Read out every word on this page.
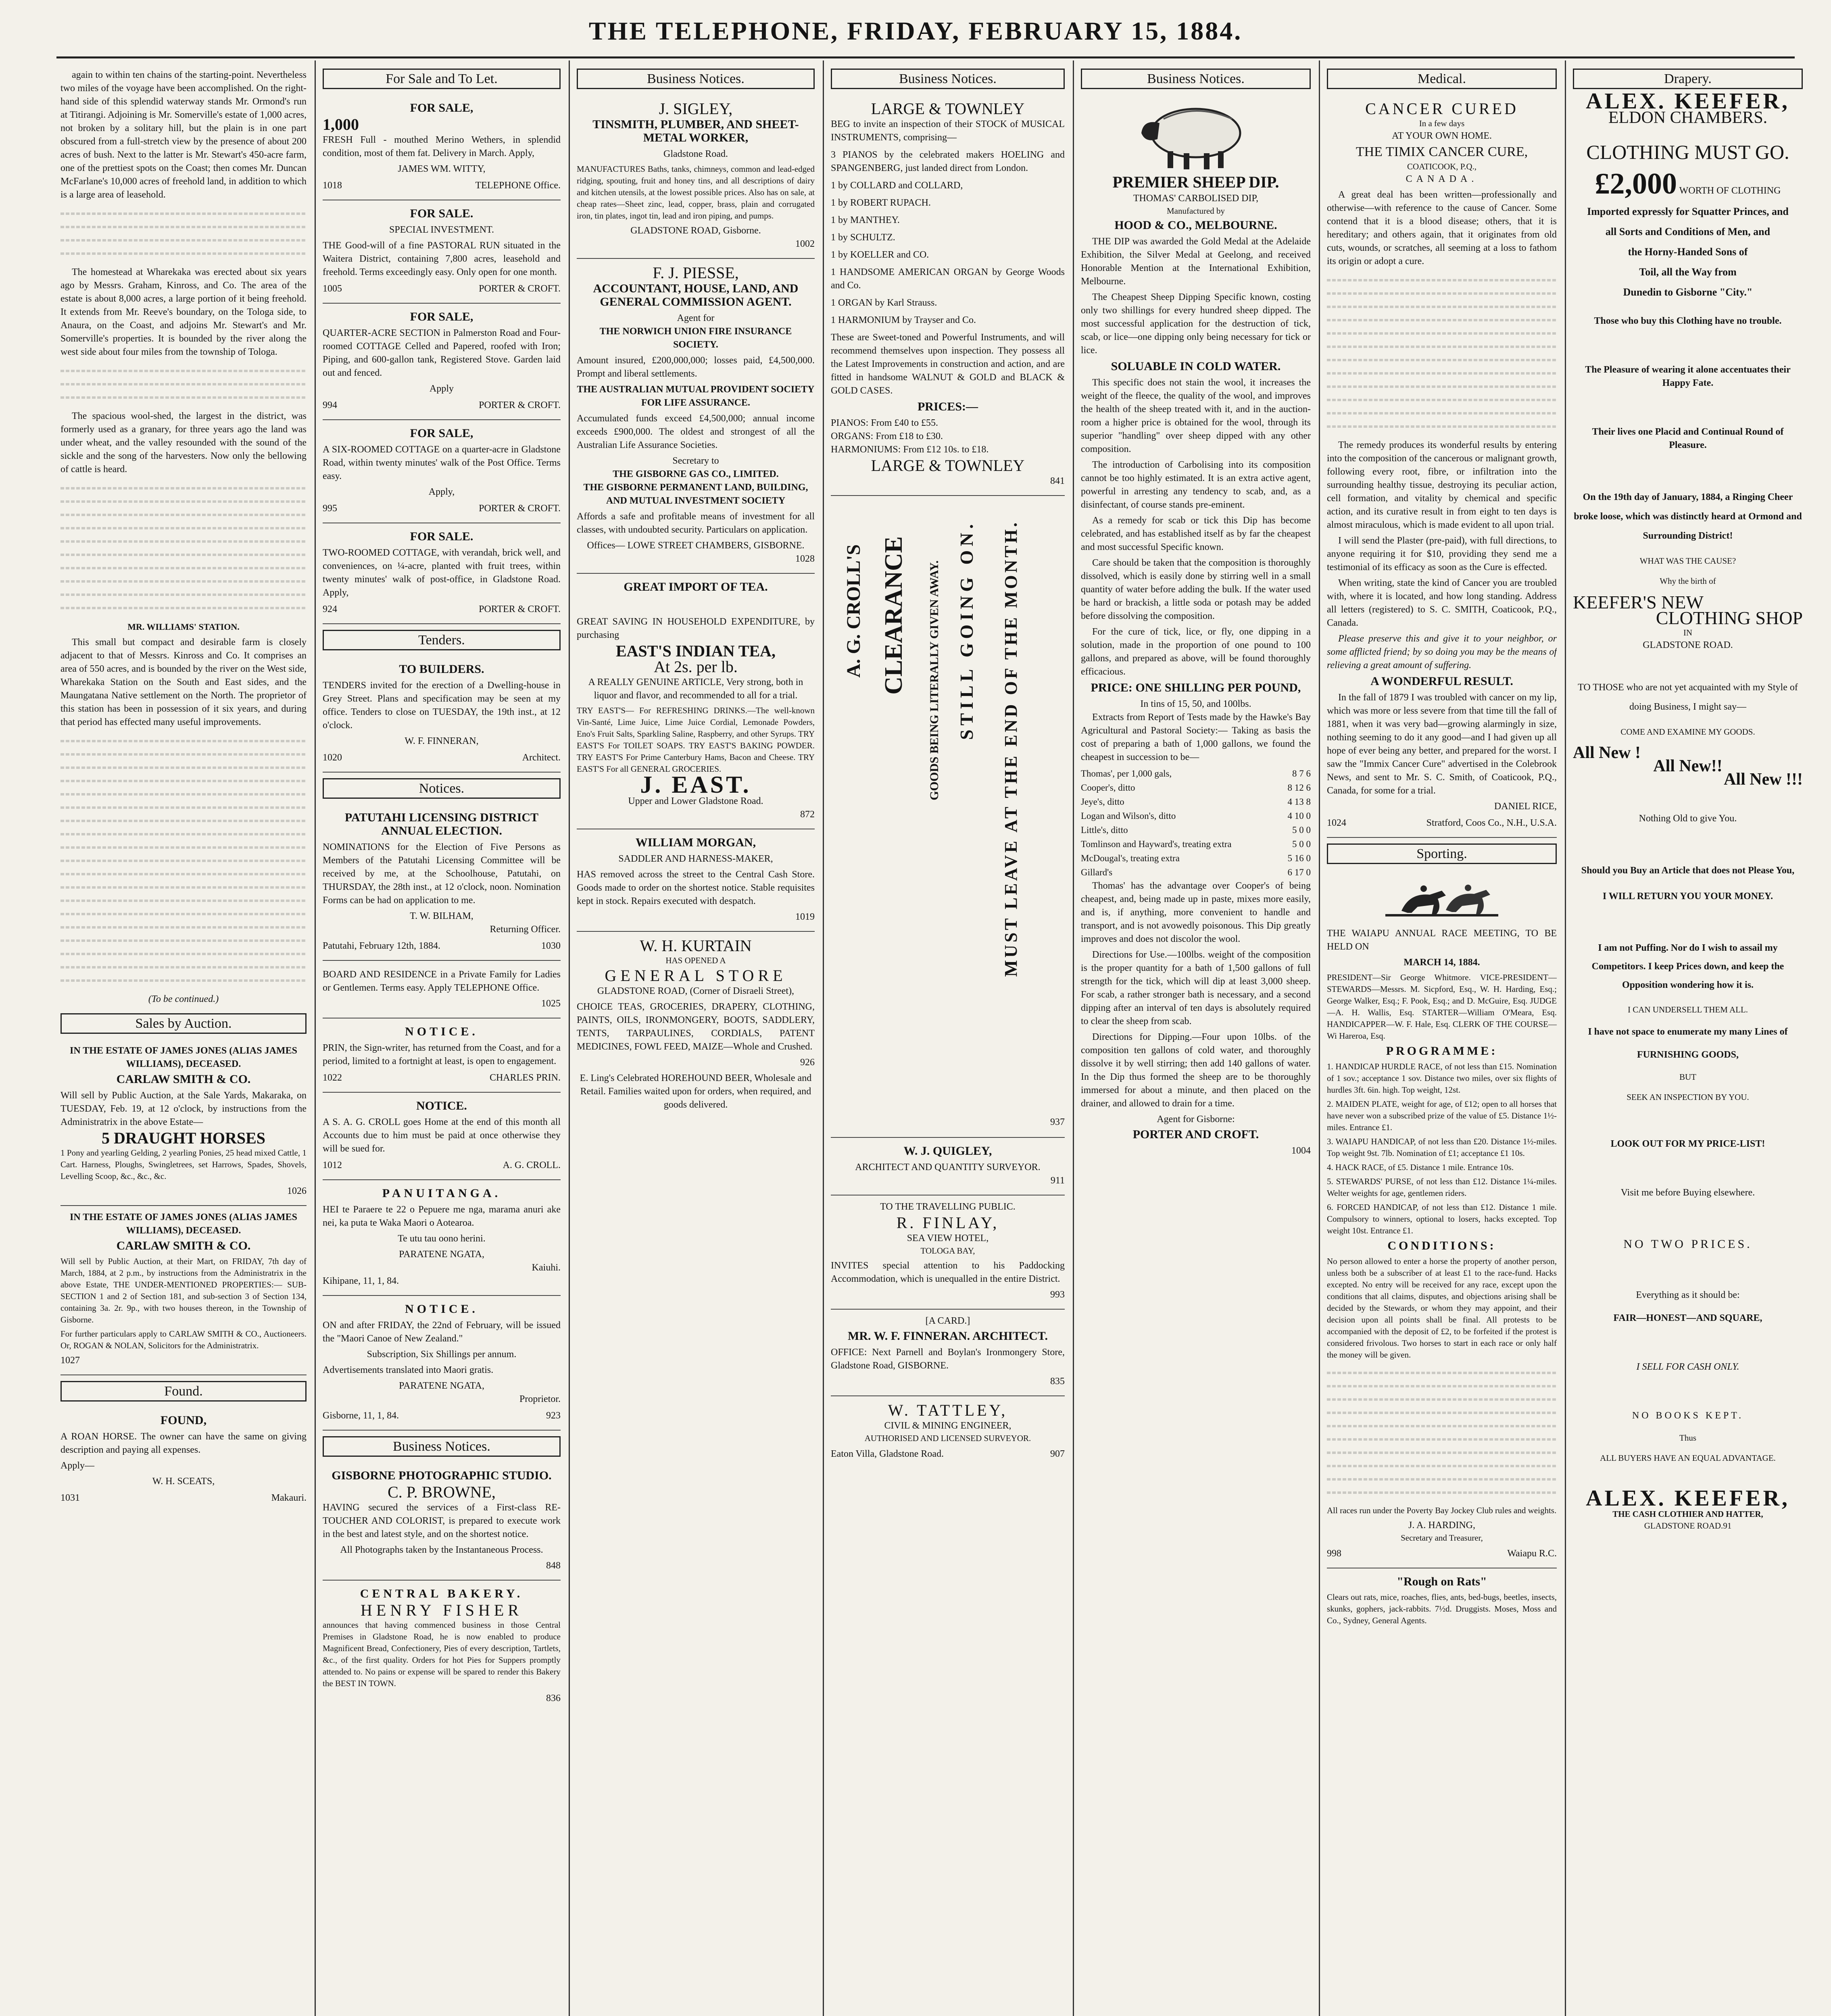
THE TELEPHONE, FRIDAY, FEBRUARY 15, 1884.

again to within ten chains of the starting-point. Nevertheless two miles of the voyage have been accomplished. On the right-hand side of this splendid waterway stands Mr. Ormond's run at Titirangi. Adjoining is Mr. Somerville's estate of 1,000 acres, not broken by a solitary hill, but the plain is in one part obscured from a full-stretch view by the presence of about 200 acres of bush. Next to the latter is Mr. Stewart's 450-acre farm, one of the prettiest spots on the Coast; then comes Mr. Duncan McFarlane's 10,000 acres of freehold land, in addition to which is a large area of leasehold.

The homestead at Wharekaka was erected about six years ago by Messrs. Graham, Kinross, and Co. The area of the estate is about 8,000 acres, a large portion of it being freehold. It extends from Mr. Reeve's boundary, on the Tologa side, to Anaura, on the Coast, and adjoins Mr. Stewart's and Mr. Somerville's properties. It is bounded by the river along the west side about four miles from the township of Tologa.

The spacious wool-shed, the largest in the district, was formerly used as a granary, for three years ago the land was under wheat, and the valley resounded with the sound of the sickle and the song of the harvesters. Now only the bellowing of cattle is heard.

MR. WILLIAMS' STATION.

This small but compact and desirable farm is closely adjacent to that of Messrs. Kinross and Co. It comprises an area of 550 acres, and is bounded by the river on the West side, Wharekaka Station on the South and East sides, and the Maungatana Native settlement on the North. The proprietor of this station has been in possession of it six years, and during that period has effected many useful improvements.

(To be continued.)
Sales by Auction.
IN THE ESTATE OF JAMES JONES (ALIAS JAMES WILLIAMS), DECEASED.
CARLAW SMITH & CO.

Will sell by Public Auction, at the Sale Yards, Makaraka, on TUESDAY, Feb. 19, at 12 o'clock, by instructions from the Administratrix in the above Estate—

5 DRAUGHT HORSES

1 Pony and yearling Gelding, 2 yearling Ponies, 25 head mixed Cattle, 1 Cart. Harness, Ploughs, Swingletrees, set Harrows, Spades, Shovels, Levelling Scoop, &c., &c., &c.

1026
IN THE ESTATE OF JAMES JONES (ALIAS JAMES WILLIAMS), DECEASED.
CARLAW SMITH & CO.

Will sell by Public Auction, at their Mart, on FRIDAY, 7th day of March, 1884, at 2 p.m., by instructions from the Administratrix in the above Estate, THE UNDER-MENTIONED PROPERTIES:— SUB-SECTION 1 and 2 of Section 181, and sub-section 3 of Section 134, containing 3a. 2r. 9p., with two houses thereon, in the Township of Gisborne.

For further particulars apply to CARLAW SMITH & CO., Auctioneers. Or, ROGAN & NOLAN, Solicitors for the Administratrix.

1027
Found.
FOUND,

A ROAN HORSE. The owner can have the same on giving description and paying all expenses.

Apply—

W. H. SCEATS,
1031	Makauri.
For Sale and To Let.
FOR SALE,
1,000

FRESH Full - mouthed Merino Wethers, in splendid condition, most of them fat. Delivery in March. Apply,

JAMES WM. WITTY,
1018	TELEPHONE Office.
FOR SALE.
SPECIAL INVESTMENT.

THE Good-will of a fine PASTORAL RUN situated in the Waitera District, containing 7,800 acres, leasehold and freehold. Terms exceedingly easy. Only open for one month.

1005	PORTER & CROFT.
FOR SALE,

QUARTER-ACRE SECTION in Palmerston Road and Four-roomed COTTAGE Celled and Papered, roofed with Iron; Piping, and 600-gallon tank, Registered Stove. Garden laid out and fenced.

Apply
994	PORTER & CROFT.
FOR SALE,

A SIX-ROOMED COTTAGE on a quarter-acre in Gladstone Road, within twenty minutes' walk of the Post Office. Terms easy.

Apply,
995	PORTER & CROFT.
FOR SALE.

TWO-ROOMED COTTAGE, with verandah, brick well, and conveniences, on ¼-acre, planted with fruit trees, within twenty minutes' walk of post-office, in Gladstone Road. Apply,

924	PORTER & CROFT.
Tenders.
TO BUILDERS.

TENDERS invited for the erection of a Dwelling-house in Grey Street. Plans and specification may be seen at my office. Tenders to close on TUESDAY, the 19th inst., at 12 o'clock.

W. F. FINNERAN,
1020	Architect.
Notices.
PATUTAHI LICENSING DISTRICT ANNUAL ELECTION.

NOMINATIONS for the Election of Five Persons as Members of the Patutahi Licensing Committee will be received by me, at the Schoolhouse, Patutahi, on THURSDAY, the 28th inst., at 12 o'clock, noon. Nomination Forms can be had on application to me.

T. W. BILHAM,
Returning Officer.
Patutahi, February 12th, 1884.	1030

BOARD AND RESIDENCE in a Private Family for Ladies or Gentlemen. Terms easy. Apply TELEPHONE Office.

1025
NOTICE.

PRIN, the Sign-writer, has returned from the Coast, and for a period, limited to a fortnight at least, is open to engagement.

1022	CHARLES PRIN.
NOTICE.

A S. A. G. CROLL goes Home at the end of this month all Accounts due to him must be paid at once otherwise they will be sued for.

1012	A. G. CROLL.
PANUITANGA.

HEI te Paraere te 22 o Pepuere me nga, marama anuri ake nei, ka puta te Waka Maori o Aotearoa.

Te utu tau oono herini.

PARATENE NGATA,
Kaiuhi.
Kihipane, 11, 1, 84.
NOTICE.

ON and after FRIDAY, the 22nd of February, will be issued the "Maori Canoe of New Zealand."

Subscription, Six Shillings per annum.

Advertisements translated into Maori gratis.

PARATENE NGATA,
Proprietor.
Gisborne, 11, 1, 84.	923
Business Notices.
GISBORNE PHOTOGRAPHIC STUDIO.
C. P. BROWNE,

HAVING secured the services of a First-class RE-TOUCHER AND COLORIST, is prepared to execute work in the best and latest style, and on the shortest notice.

All Photographs taken by the Instantaneous Process.

848
CENTRAL BAKERY.
HENRY FISHER

announces that having commenced business in those Central Premises in Gladstone Road, he is now enabled to produce Magnificent Bread, Confectionery, Pies of every description, Tartlets, &c., of the first quality. Orders for hot Pies for Suppers promptly attended to. No pains or expense will be spared to render this Bakery the BEST IN TOWN.

836
Business Notices.
J. SIGLEY,
TINSMITH, PLUMBER, AND SHEET-METAL WORKER,
Gladstone Road.

MANUFACTURES Baths, tanks, chimneys, common and lead-edged ridging, spouting, fruit and honey tins, and all descriptions of dairy and kitchen utensils, at the lowest possible prices. Also has on sale, at cheap rates—Sheet zinc, lead, copper, brass, plain and corrugated iron, tin plates, ingot tin, lead and iron piping, and pumps.

GLADSTONE ROAD, Gisborne.
1002
F. J. PIESSE,
ACCOUNTANT, HOUSE, LAND, AND GENERAL COMMISSION AGENT.
Agent for
THE NORWICH UNION FIRE INSURANCE SOCIETY.

Amount insured, £200,000,000; losses paid, £4,500,000. Prompt and liberal settlements.

THE AUSTRALIAN MUTUAL PROVIDENT SOCIETY FOR LIFE ASSURANCE.

Accumulated funds exceed £4,500,000; annual income exceeds £900,000. The oldest and strongest of all the Australian Life Assurance Societies.

Secretary to
THE GISBORNE GAS CO., LIMITED.
THE GISBORNE PERMANENT LAND, BUILDING, AND MUTUAL INVESTMENT SOCIETY

Affords a safe and profitable means of investment for all classes, with undoubted security. Particulars on application.

Offices— LOWE STREET CHAMBERS, GISBORNE.
1028
GREAT IMPORT OF TEA.

GREAT SAVING IN HOUSEHOLD EXPENDITURE, by purchasing

EAST'S INDIAN TEA,
At 2s. per lb.

A REALLY GENUINE ARTICLE, Very strong, both in liquor and flavor, and recommended to all for a trial.

TRY EAST'S— For REFRESHING DRINKS.—The well-known Vin-Santé, Lime Juice, Lime Juice Cordial, Lemonade Powders, Eno's Fruit Salts, Sparkling Saline, Raspberry, and other Syrups. TRY EAST'S For TOILET SOAPS. TRY EAST'S BAKING POWDER. TRY EAST'S For Prime Canterbury Hams, Bacon and Cheese. TRY EAST'S For all GENERAL GROCERIES.

J. EAST.
Upper and Lower Gladstone Road.
872
WILLIAM MORGAN,
SADDLER AND HARNESS-MAKER,

HAS removed across the street to the Central Cash Store. Goods made to order on the shortest notice. Stable requisites kept in stock. Repairs executed with despatch.

1019
W. H. KURTAIN
HAS OPENED A
GENERAL STORE
GLADSTONE ROAD, (Corner of Disraeli Street),

CHOICE TEAS, GROCERIES, DRAPERY, CLOTHING, PAINTS, OILS, IRONMONGERY, BOOTS, SADDLERY, TENTS, TARPAULINES, CORDIALS, PATENT MEDICINES, FOWL FEED, MAIZE—Whole and Crushed.

926

E. Ling's Celebrated HOREHOUND BEER, Wholesale and Retail. Families waited upon for orders, when required, and goods delivered.

Business Notices.
LARGE & TOWNLEY

BEG to invite an inspection of their STOCK of MUSICAL INSTRUMENTS, comprising—

3 PIANOS by the celebrated makers HOELING and SPANGENBERG, just landed direct from London.
1 by COLLARD and COLLARD,
1 by ROBERT RUPACH.
1 by MANTHEY.
1 by SCHULTZ.
1 by KOELLER and CO.
1 HANDSOME AMERICAN ORGAN by George Woods and Co.
1 ORGAN by Karl Strauss.
1 HARMONIUM by Trayser and Co.

These are Sweet-toned and Powerful Instruments, and will recommend themselves upon inspection. They possess all the Latest Improvements in construction and action, and are fitted in handsome WALNUT & GOLD and BLACK & GOLD CASES.

PRICES:—
PIANOS: From £40 to £55.
ORGANS: From £18 to £30.
HARMONIUMS: From £12 10s. to £18.
LARGE & TOWNLEY
841
A. G. CROLL'S CLEARANCE GOODS BEING LITERALLY GIVEN AWAY. STILL GOING ON. MUST LEAVE AT THE END OF THE MONTH.
937
W. J. QUIGLEY,
ARCHITECT AND QUANTITY SURVEYOR.
911
TO THE TRAVELLING PUBLIC.
R. FINLAY,
SEA VIEW HOTEL,
TOLOGA BAY,

INVITES special attention to his Paddocking Accommodation, which is unequalled in the entire District.

993
[A CARD.]
MR. W. F. FINNERAN. ARCHITECT.

OFFICE: Next Parnell and Boylan's Ironmongery Store, Gladstone Road, GISBORNE.

835
W. TATTLEY,
CIVIL & MINING ENGINEER,
AUTHORISED AND LICENSED SURVEYOR.
Eaton Villa, Gladstone Road.	907
Business Notices.
PREMIER SHEEP DIP.
THOMAS' CARBOLISED DIP,
Manufactured by
HOOD & CO., MELBOURNE.

THE DIP was awarded the Gold Medal at the Adelaide Exhibition, the Silver Medal at Geelong, and received Honorable Mention at the International Exhibition, Melbourne.

The Cheapest Sheep Dipping Specific known, costing only two shillings for every hundred sheep dipped. The most successful application for the destruction of tick, scab, or lice—one dipping only being necessary for tick or lice.

SOLUABLE IN COLD WATER.

This specific does not stain the wool, it increases the weight of the fleece, the quality of the wool, and improves the health of the sheep treated with it, and in the auction-room a higher price is obtained for the wool, through its superior "handling" over sheep dipped with any other composition.

The introduction of Carbolising into its composition cannot be too highly estimated. It is an extra active agent, powerful in arresting any tendency to scab, and, as a disinfectant, of course stands pre-eminent.

As a remedy for scab or tick this Dip has become celebrated, and has established itself as by far the cheapest and most successful Specific known.

Care should be taken that the composition is thoroughly dissolved, which is easily done by stirring well in a small quantity of water before adding the bulk. If the water used be hard or brackish, a little soda or potash may be added before dissolving the composition.

For the cure of tick, lice, or fly, one dipping in a solution, made in the proportion of one pound to 100 gallons, and prepared as above, will be found thoroughly efficacious.

PRICE: ONE SHILLING PER POUND,
In tins of 15, 50, and 100lbs.

Extracts from Report of Tests made by the Hawke's Bay Agricultural and Pastoral Society:— Taking as basis the cost of preparing a bath of 1,000 gallons, we found the cheapest in succession to be—

Thomas', per 1,000 gals,	8 7 6
Cooper's, ditto	8 12 6
Jeye's, ditto	4 13 8
Logan and Wilson's, ditto	4 10 0
Little's, ditto	5 0 0
Tomlinson and Hayward's, treating extra	5 0 0
McDougal's, treating extra	5 16 0
Gillard's	6 17 0

Thomas' has the advantage over Cooper's of being cheapest, and, being made up in paste, mixes more easily, and is, if anything, more convenient to handle and transport, and is not avowedly poisonous. This Dip greatly improves and does not discolor the wool.

Directions for Use.—100lbs. weight of the composition is the proper quantity for a bath of 1,500 gallons of full strength for the tick, which will dip at least 3,000 sheep. For scab, a rather stronger bath is necessary, and a second dipping after an interval of ten days is absolutely required to clear the sheep from scab.

Directions for Dipping.—Four upon 10lbs. of the composition ten gallons of cold water, and thoroughly dissolve it by well stirring; then add 140 gallons of water. In the Dip thus formed the sheep are to be thoroughly immersed for about a minute, and then placed on the drainer, and allowed to drain for a time.

Agent for Gisborne:
PORTER AND CROFT.
1004
Medical.
CANCER CURED
In a few days
AT YOUR OWN HOME.
THE TIMIX CANCER CURE,
COATICOOK, P.Q.,
CANADA.

A great deal has been written—professionally and otherwise—with reference to the cause of Cancer. Some contend that it is a blood disease; others, that it is hereditary; and others again, that it originates from old cuts, wounds, or scratches, all seeming at a loss to fathom its origin or adopt a cure.

The remedy produces its wonderful results by entering into the composition of the cancerous or malignant growth, following every root, fibre, or infiltration into the surrounding healthy tissue, destroying its peculiar action, cell formation, and vitality by chemical and specific action, and its curative result in from eight to ten days is almost miraculous, which is made evident to all upon trial.

I will send the Plaster (pre-paid), with full directions, to anyone requiring it for $10, providing they send me a testimonial of its efficacy as soon as the Cure is effected.

When writing, state the kind of Cancer you are troubled with, where it is located, and how long standing. Address all letters (registered) to S. C. SMITH, Coaticook, P.Q., Canada.

Please preserve this and give it to your neighbor, or some afflicted friend; by so doing you may be the means of relieving a great amount of suffering.

A WONDERFUL RESULT.

In the fall of 1879 I was troubled with cancer on my lip, which was more or less severe from that time till the fall of 1881, when it was very bad—growing alarmingly in size, nothing seeming to do it any good—and I had given up all hope of ever being any better, and prepared for the worst. I saw the "Immix Cancer Cure" advertised in the Colebrook News, and sent to Mr. S. C. Smith, of Coaticook, P.Q., Canada, for some for a trial.

DANIEL RICE,
1024	Stratford, Coos Co., N.H., U.S.A.
Sporting.

THE WAIAPU ANNUAL RACE MEETING, TO BE HELD ON

MARCH 14, 1884.

PRESIDENT—Sir George Whitmore. VICE-PRESIDENT— STEWARDS—Messrs. M. Sicpford, Esq., W. H. Harding, Esq.; George Walker, Esq.; F. Pook, Esq.; and D. McGuire, Esq. JUDGE—A. H. Wallis, Esq. STARTER—William O'Meara, Esq. HANDICAPPER—W. F. Hale, Esq. CLERK OF THE COURSE—Wi Hareroa, Esq.

PROGRAMME:

1. HANDICAP HURDLE RACE, of not less than £15. Nomination of 1 sov.; acceptance 1 sov. Distance two miles, over six flights of hurdles 3ft. 6in. high. Top weight, 12st.

2. MAIDEN PLATE, weight for age, of £12; open to all horses that have never won a subscribed prize of the value of £5. Distance 1½-miles. Entrance £1.

3. WAIAPU HANDICAP, of not less than £20. Distance 1½-miles. Top weight 9st. 7lb. Nomination of £1; acceptance £1 10s.

4. HACK RACE, of £5. Distance 1 mile. Entrance 10s.

5. STEWARDS' PURSE, of not less than £12. Distance 1¼-miles. Welter weights for age, gentlemen riders.

6. FORCED HANDICAP, of not less than £12. Distance 1 mile. Compulsory to winners, optional to losers, hacks excepted. Top weight 10st. Entrance £1.

CONDITIONS:

No person allowed to enter a horse the property of another person, unless both be a subscriber of at least £1 to the race-fund. Hacks excepted. No entry will be received for any race, except upon the conditions that all claims, disputes, and objections arising shall be decided by the Stewards, or whom they may appoint, and their decision upon all points shall be final. All protests to be accompanied with the deposit of £2, to be forfeited if the protest is considered frivolous. Two horses to start in each race or only half the money will be given.

All races run under the Poverty Bay Jockey Club rules and weights.

J. A. HARDING,
Secretary and Treasurer,
998	Waiapu R.C.
"Rough on Rats"

Clears out rats, mice, roaches, flies, ants, bed-bugs, beetles, insects, skunks, gophers, jack-rabbits. 7½d. Druggists. Moses, Moss and Co., Sydney, General Agents.

Drapery.
ALEX. KEEFER,
ELDON CHAMBERS.
CLOTHING MUST GO.
£2,000 WORTH OF CLOTHING
Imported expressly for Squatter Princes, and
all Sorts and Conditions of Men, and
the Horny-Handed Sons of
Toil, all the Way from
Dunedin to Gisborne "City."

Those who buy this Clothing have no trouble.

The Pleasure of wearing it alone accentuates their Happy Fate.

Their lives one Placid and Continual Round of Pleasure.

On the 19th day of January, 1884, a Ringing Cheer broke loose, which was distinctly heard at Ormond and Surrounding District!

WHAT WAS THE CAUSE?

Why the birth of

KEEFER'S NEW
CLOTHING SHOP
IN
GLADSTONE ROAD.

TO THOSE who are not yet acquainted with my Style of doing Business, I might say—

COME AND EXAMINE MY GOODS.

All New !
All New!!
All New !!!

Nothing Old to give You.

Should you Buy an Article that does not Please You,

I WILL RETURN YOU YOUR MONEY.

I am not Puffing. Nor do I wish to assail my Competitors. I keep Prices down, and keep the Opposition wondering how it is.

I CAN UNDERSELL THEM ALL.

I have not space to enumerate my many Lines of

FURNISHING GOODS,

BUT

SEEK AN INSPECTION BY YOU.

LOOK OUT FOR MY PRICE-LIST!

Visit me before Buying elsewhere.

NO TWO PRICES.

Everything as it should be:

FAIR—HONEST—AND SQUARE,

I SELL FOR CASH ONLY.

NO BOOKS KEPT.

Thus

ALL BUYERS HAVE AN EQUAL ADVANTAGE.

ALEX. KEEFER,
THE CASH CLOTHIER AND HATTER,
GLADSTONE ROAD.91
